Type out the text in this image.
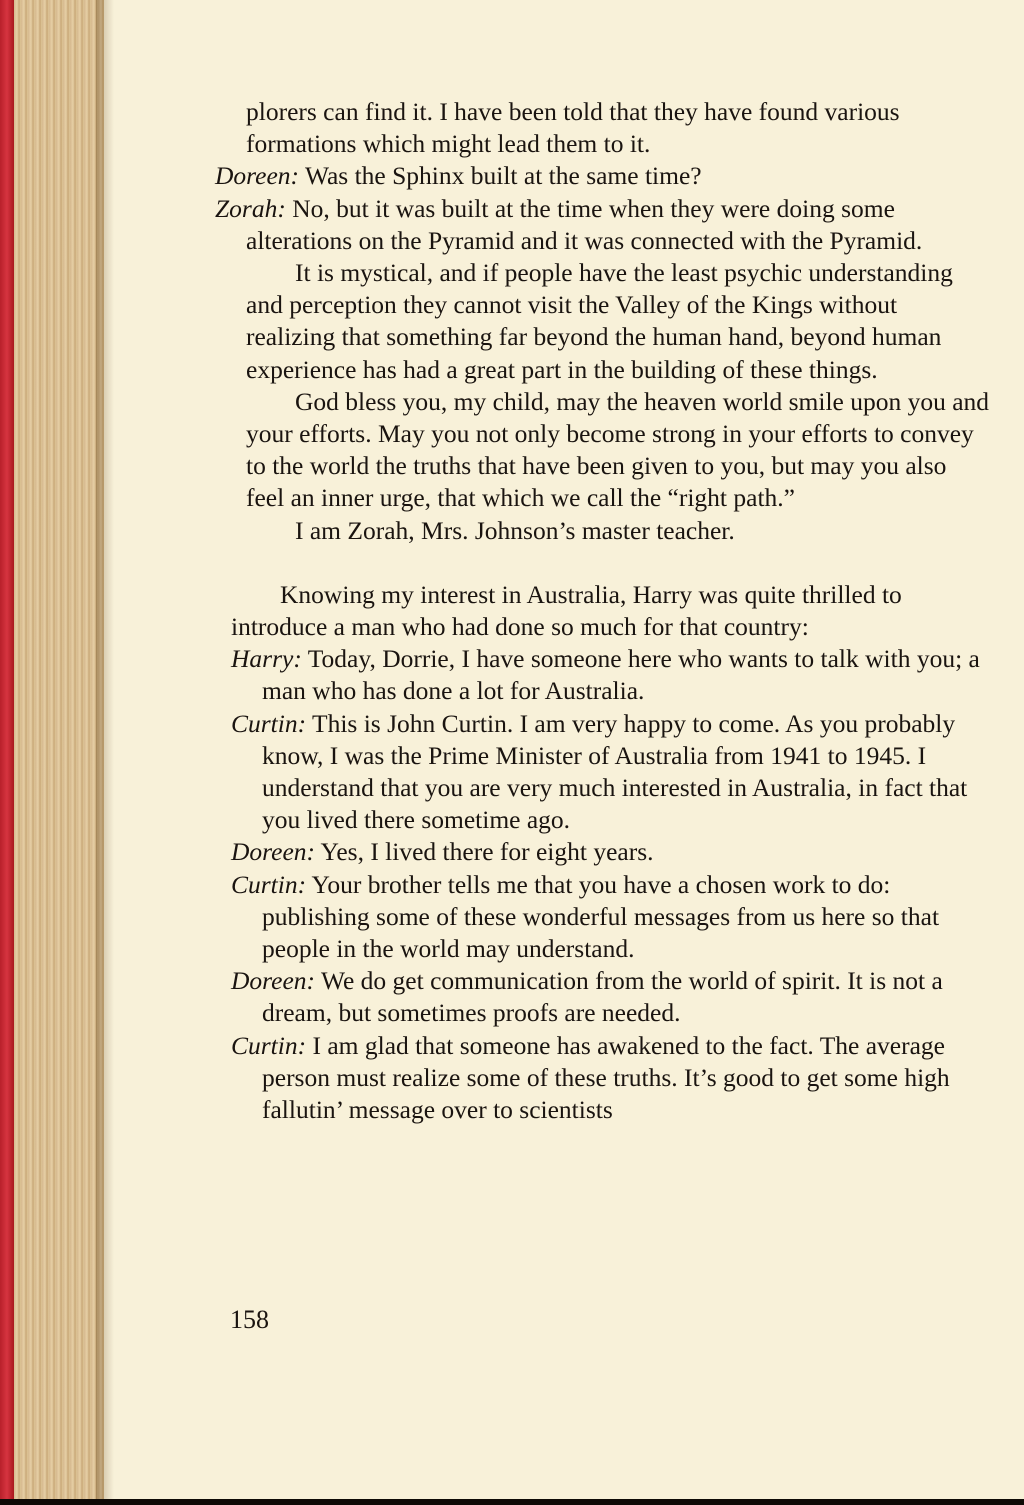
plorers can find it. I have been told that they have found various formations which might lead them to it.

Doreen: Was the Sphinx built at the same time?

Zorah: No, but it was built at the time when they were doing some alterations on the Pyramid and it was connected with the Pyramid.

It is mystical, and if people have the least psychic understanding and perception they cannot visit the Valley of the Kings without realizing that something far beyond the human hand, beyond human experience has had a great part in the building of these things.

God bless you, my child, may the heaven world smile upon you and your efforts. May you not only become strong in your efforts to convey to the world the truths that have been given to you, but may you also feel an inner urge, that which we call the “right path.”

I am Zorah, Mrs. Johnson’s master teacher.

Knowing my interest in Australia, Harry was quite thrilled to introduce a man who had done so much for that country:

Harry: Today, Dorrie, I have someone here who wants to talk with you; a man who has done a lot for Australia.

Curtin: This is John Curtin. I am very happy to come. As you probably know, I was the Prime Minister of Australia from 1941 to 1945. I understand that you are very much interested in Australia, in fact that you lived there sometime ago.

Doreen: Yes, I lived there for eight years.

Curtin: Your brother tells me that you have a chosen work to do: publishing some of these wonderful messages from us here so that people in the world may understand.

Doreen: We do get communication from the world of spirit. It is not a dream, but sometimes proofs are needed.

Curtin: I am glad that someone has awakened to the fact. The average person must realize some of these truths. It’s good to get some high fallutin’ message over to scientists

158
